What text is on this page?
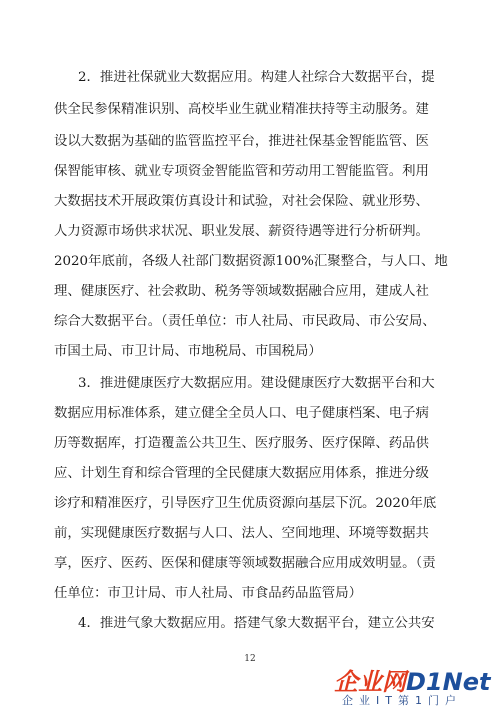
2．推进社保就业大数据应用。构建人社综合大数据平台，提
供全民参保精准识别、高校毕业生就业精准扶持等主动服务。建
设以大数据为基础的监管监控平台，推进社保基金智能监管、医
保智能审核、就业专项资金智能监管和劳动用工智能监管。利用
大数据技术开展政策仿真设计和试验，对社会保险、就业形势、
人力资源市场供求状况、职业发展、薪资待遇等进行分析研判。
2020年底前，各级人社部门数据资源100%汇聚整合，与人口、地
理、健康医疗、社会救助、税务等领域数据融合应用，建成人社
综合大数据平台。（责任单位：市人社局、市民政局、市公安局、
市国土局、市卫计局、市地税局、市国税局）
3．推进健康医疗大数据应用。建设健康医疗大数据平台和大
数据应用标准体系，建立健全全员人口、电子健康档案、电子病
历等数据库，打造覆盖公共卫生、医疗服务、医疗保障、药品供
应、计划生育和综合管理的全民健康大数据应用体系，推进分级
诊疗和精准医疗，引导医疗卫生优质资源向基层下沉。2020年底
前，实现健康医疗数据与人口、法人、空间地理、环境等数据共
享，医疗、医药、医保和健康等领域数据融合应用成效明显。（责
任单位：市卫计局、市人社局、市食品药品监管局）
4．推进气象大数据应用。搭建气象大数据平台，建立公共安
12
企业网D1Net
企业IT第1门户
